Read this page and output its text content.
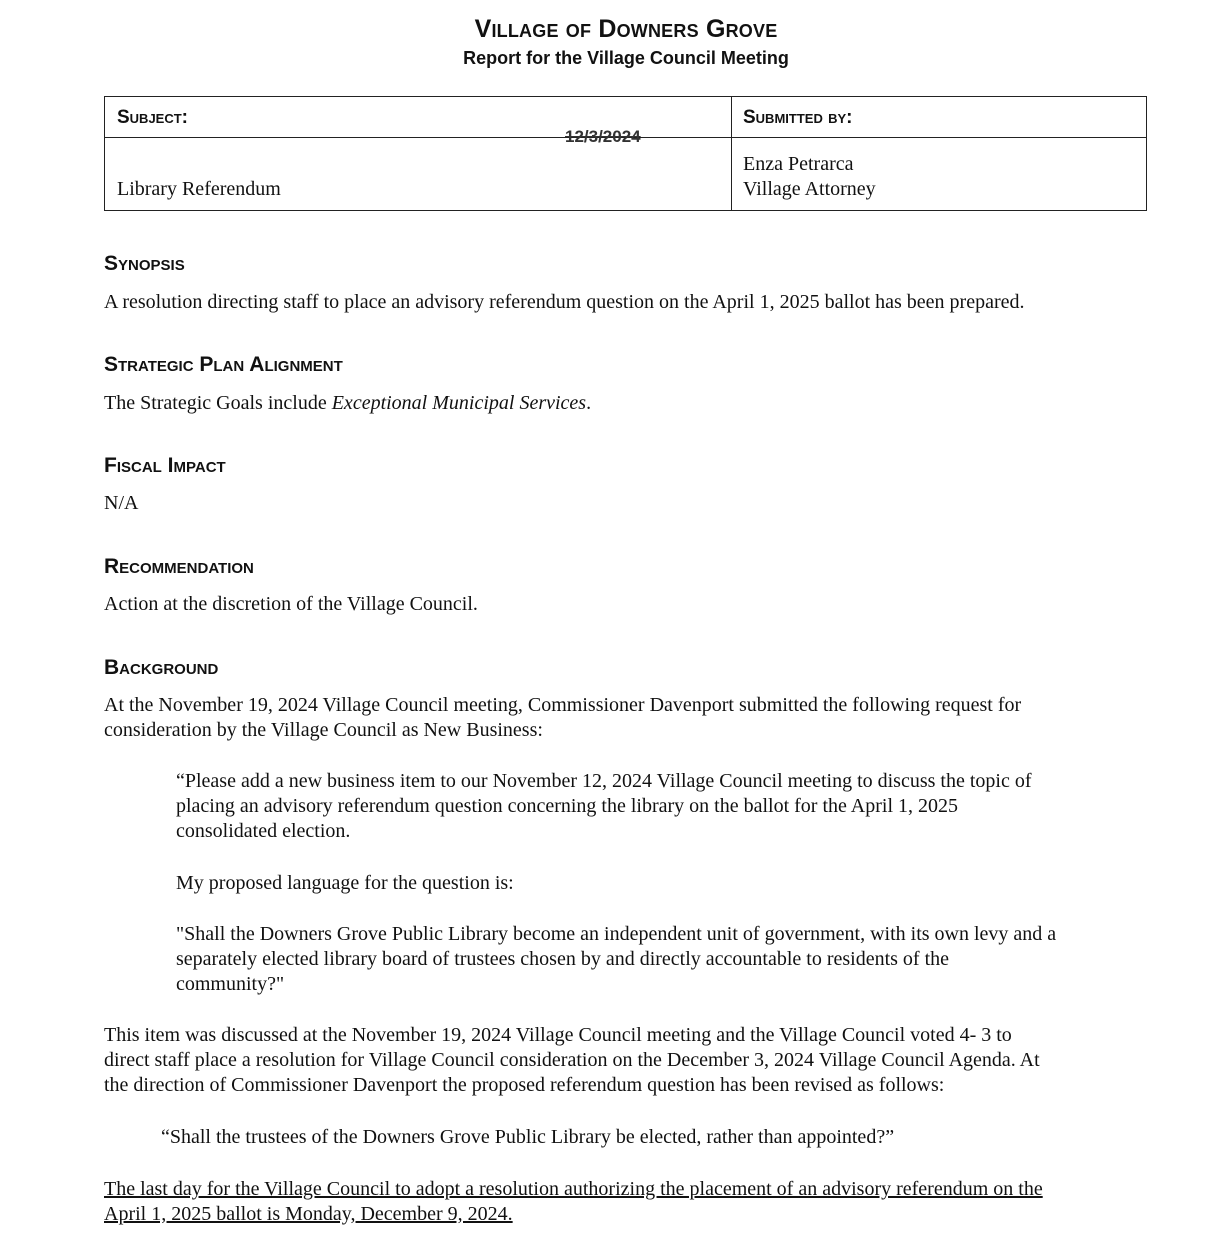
Village of Downers Grove
Report for the Village Council Meeting
Subject:
12/3/2024
Submitted by:
Library Referendum
Enza Petrarca
Village Attorney
Synopsis

A resolution directing staff to place an advisory referendum question on the April 1, 2025 ballot has been prepared.

Strategic Plan Alignment

The Strategic Goals include Exceptional Municipal Services.

Fiscal Impact

N/A

Recommendation

Action at the discretion of the Village Council.

Background

At the November 19, 2024 Village Council meeting, Commissioner Davenport submitted the following request for

consideration by the Village Council as New Business:

“Please add a new business item to our November 12, 2024 Village Council meeting to discuss the topic of

placing an advisory referendum question concerning the library on the ballot for the April 1, 2025

consolidated election.

My proposed language for the question is:

"Shall the Downers Grove Public Library become an independent unit of government, with its own levy and a

separately elected library board of trustees chosen by and directly accountable to residents of the

community?"

This item was discussed at the November 19, 2024 Village Council meeting and the Village Council voted 4- 3 to

direct staff place a resolution for Village Council consideration on the December 3, 2024 Village Council Agenda. At

the direction of Commissioner Davenport the proposed referendum question has been revised as follows:

“Shall the trustees of the Downers Grove Public Library be elected, rather than appointed?”

The last day for the Village Council to adopt a resolution authorizing the placement of an advisory referendum on the

April 1, 2025 ballot is Monday, December 9, 2024.
